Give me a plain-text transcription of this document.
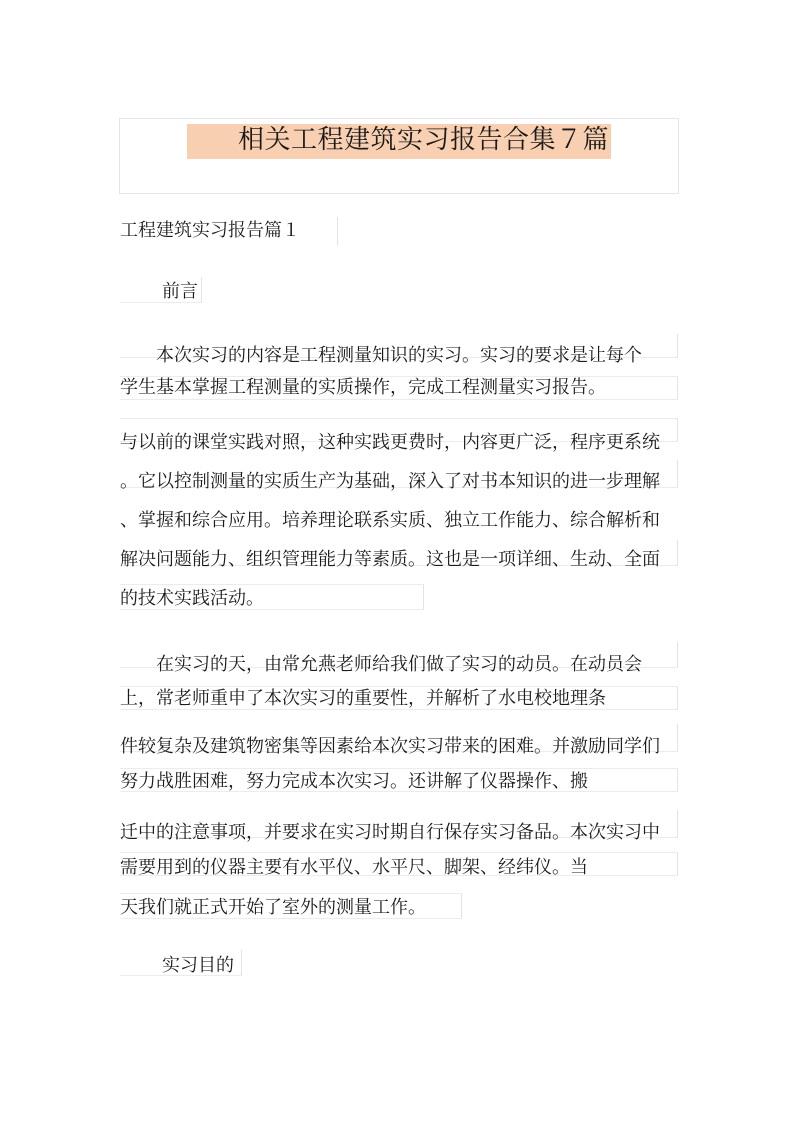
相关工程建筑实习报告合集７篇
工程建筑实习报告篇１
前言
　　本次实习的内容是工程测量知识的实习。实习的要求是让每个
学生基本掌握工程测量的实质操作，完成工程测量实习报告。
与以前的课堂实践对照，这种实践更费时，内容更广泛，程序更系统
。它以控制测量的实质生产为基础，深入了对书本知识的进一步理解
、掌握和综合应用。培养理论联系实质、独立工作能力、综合解析和
解决问题能力、组织管理能力等素质。这也是一项详细、生动、全面
的技术实践活动。
　　在实习的天，由常允燕老师给我们做了实习的动员。在动员会
上，常老师重申了本次实习的重要性，并解析了水电校地理条
件较复杂及建筑物密集等因素给本次实习带来的困难。并激励同学们
努力战胜困难，努力完成本次实习。还讲解了仪器操作、搬
迁中的注意事项，并要求在实习时期自行保存实习备品。本次实习中
需要用到的仪器主要有水平仪、水平尺、脚架、经纬仪。当
天我们就正式开始了室外的测量工作。
实习目的
